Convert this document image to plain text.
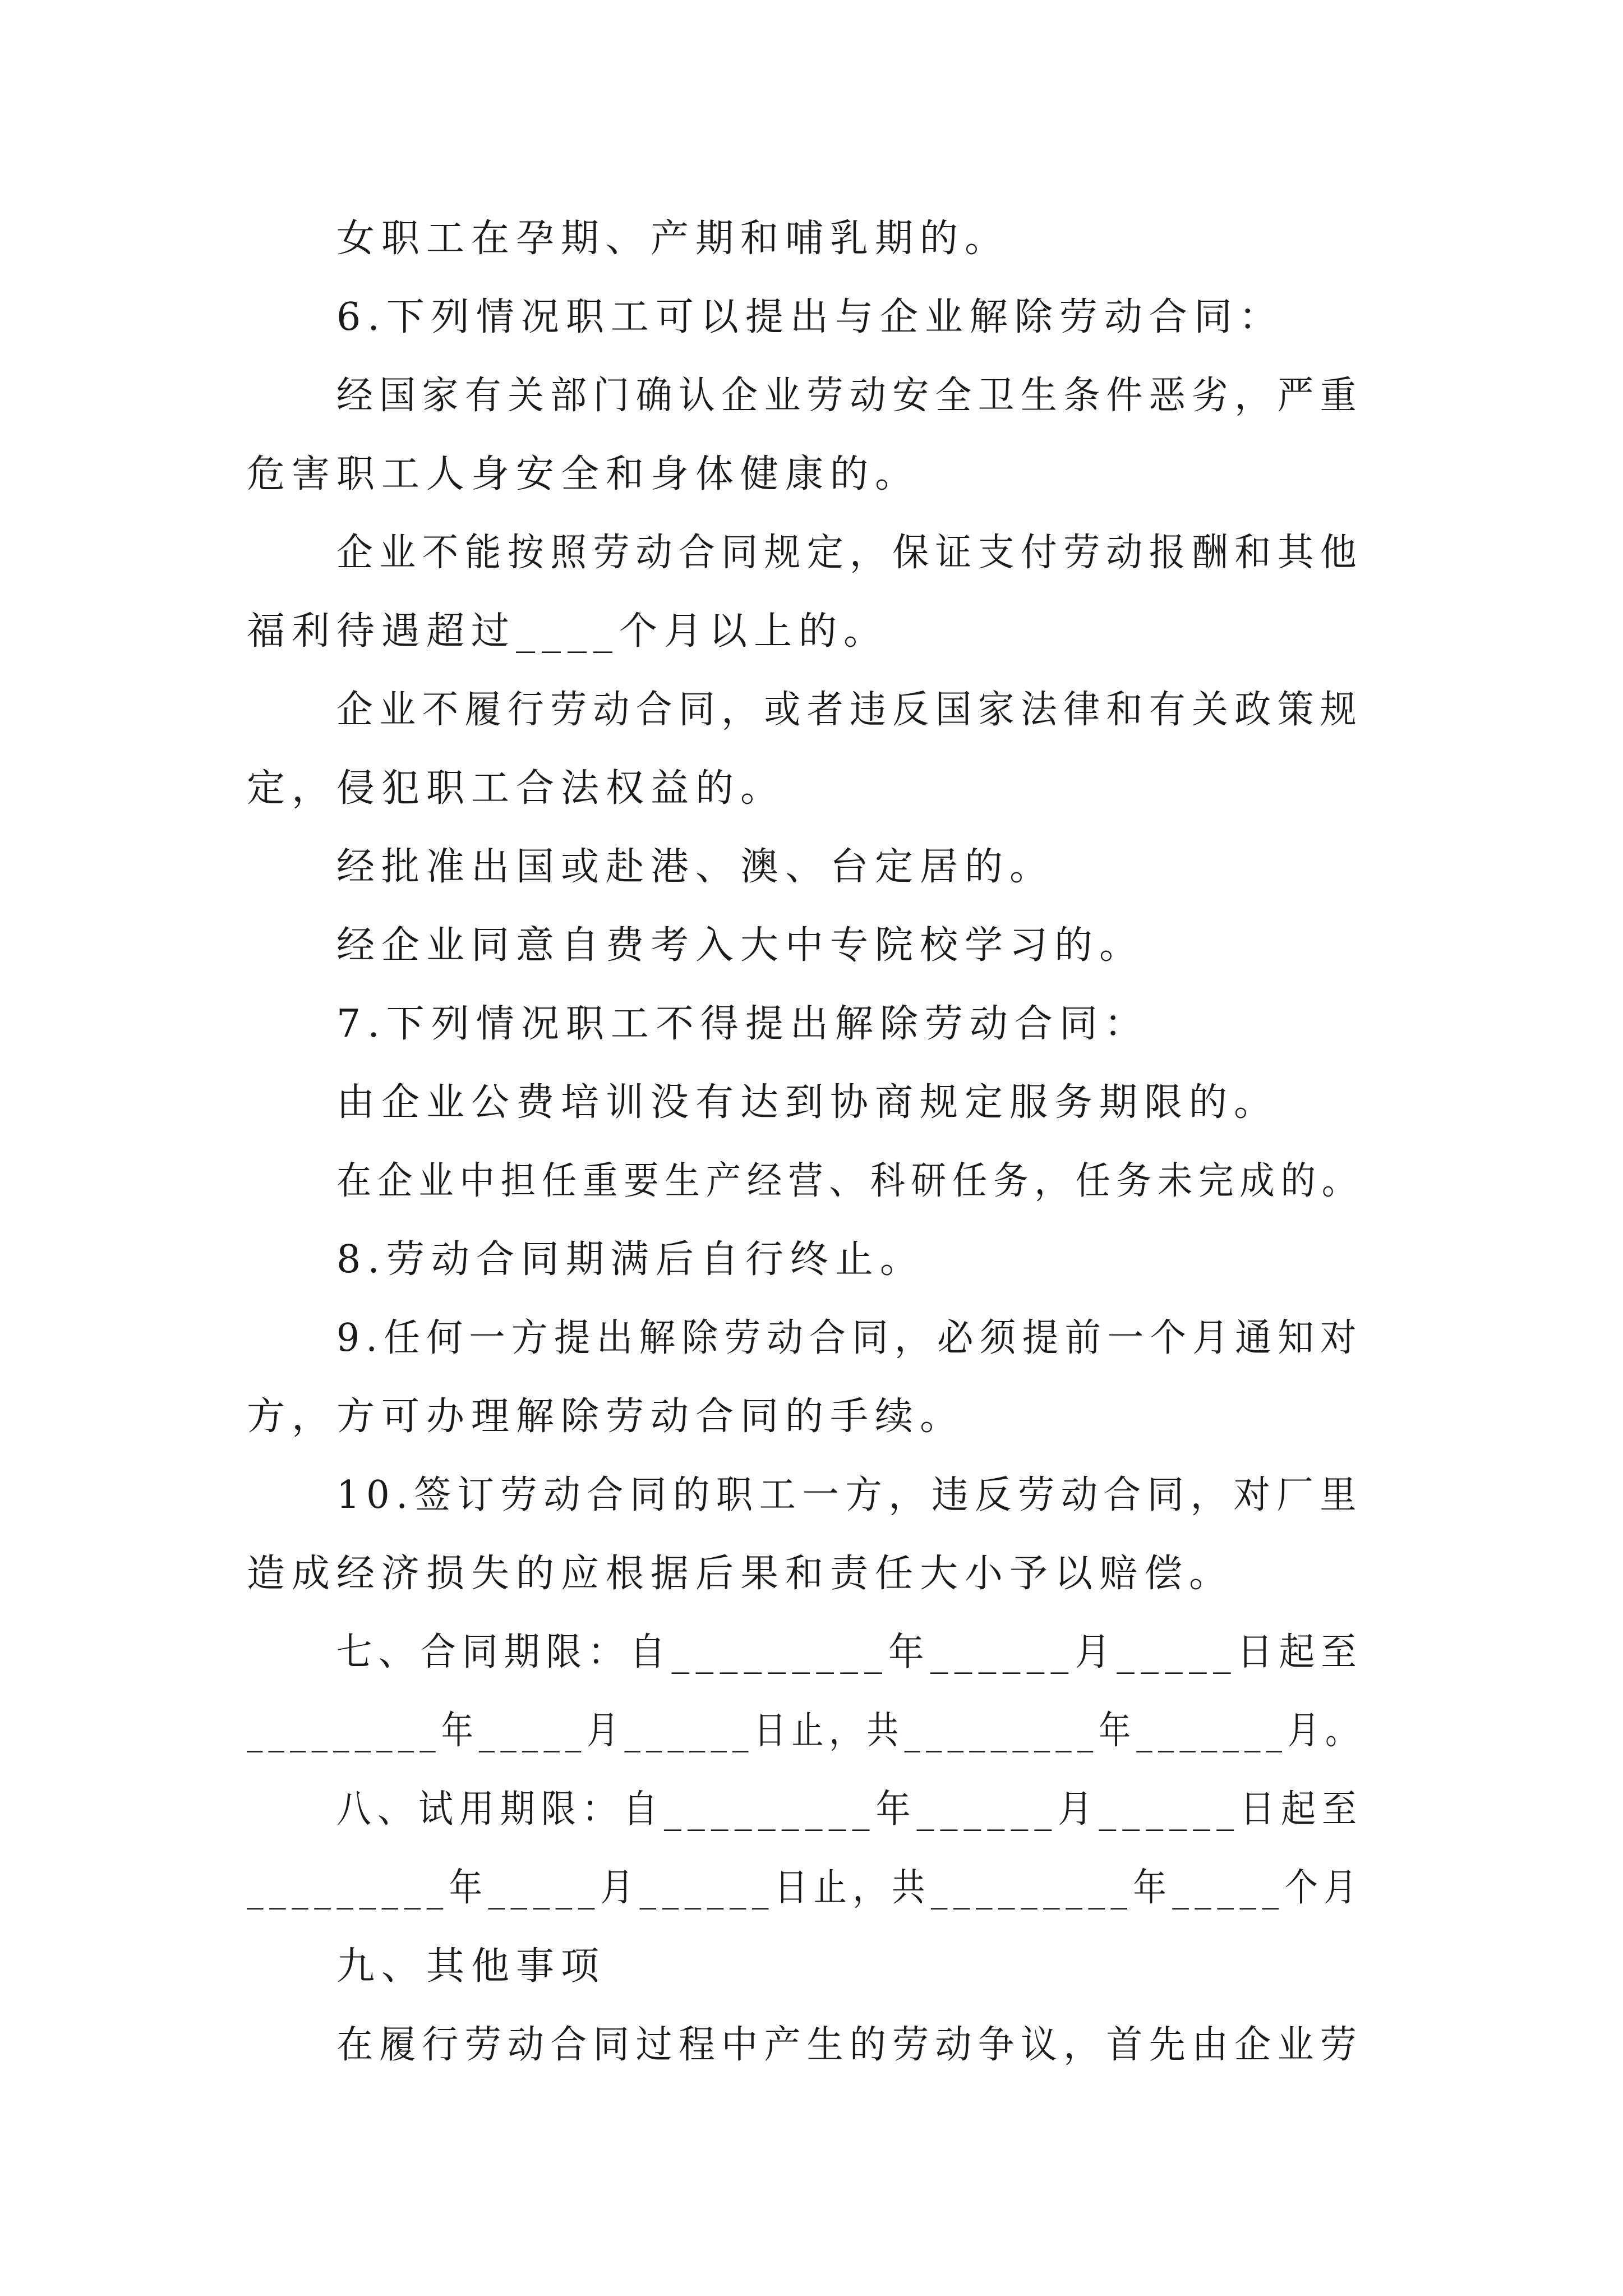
女职工在孕期、产期和哺乳期的。
6.下列情况职工可以提出与企业解除劳动合同：
经国家有关部门确认企业劳动安全卫生条件恶劣，严重
危害职工人身安全和身体健康的。
企业不能按照劳动合同规定，保证支付劳动报酬和其他
福利待遇超过____个月以上的。
企业不履行劳动合同，或者违反国家法律和有关政策规
定，侵犯职工合法权益的。
经批准出国或赴港、澳、台定居的。
经企业同意自费考入大中专院校学习的。
7.下列情况职工不得提出解除劳动合同：
由企业公费培训没有达到协商规定服务期限的。
在企业中担任重要生产经营、科研任务，任务未完成的。
8.劳动合同期满后自行终止。
9.任何一方提出解除劳动合同，必须提前一个月通知对
方，方可办理解除劳动合同的手续。
10.签订劳动合同的职工一方，违反劳动合同，对厂里
造成经济损失的应根据后果和责任大小予以赔偿。
七、合同期限：自_________年______月_____日起至
_________年_____月______日止，共_________年_______月。
八、试用期限：自_________年______月______日起至
_________年_____月______日止，共_________年_____个月
九、其他事项
在履行劳动合同过程中产生的劳动争议，首先由企业劳
